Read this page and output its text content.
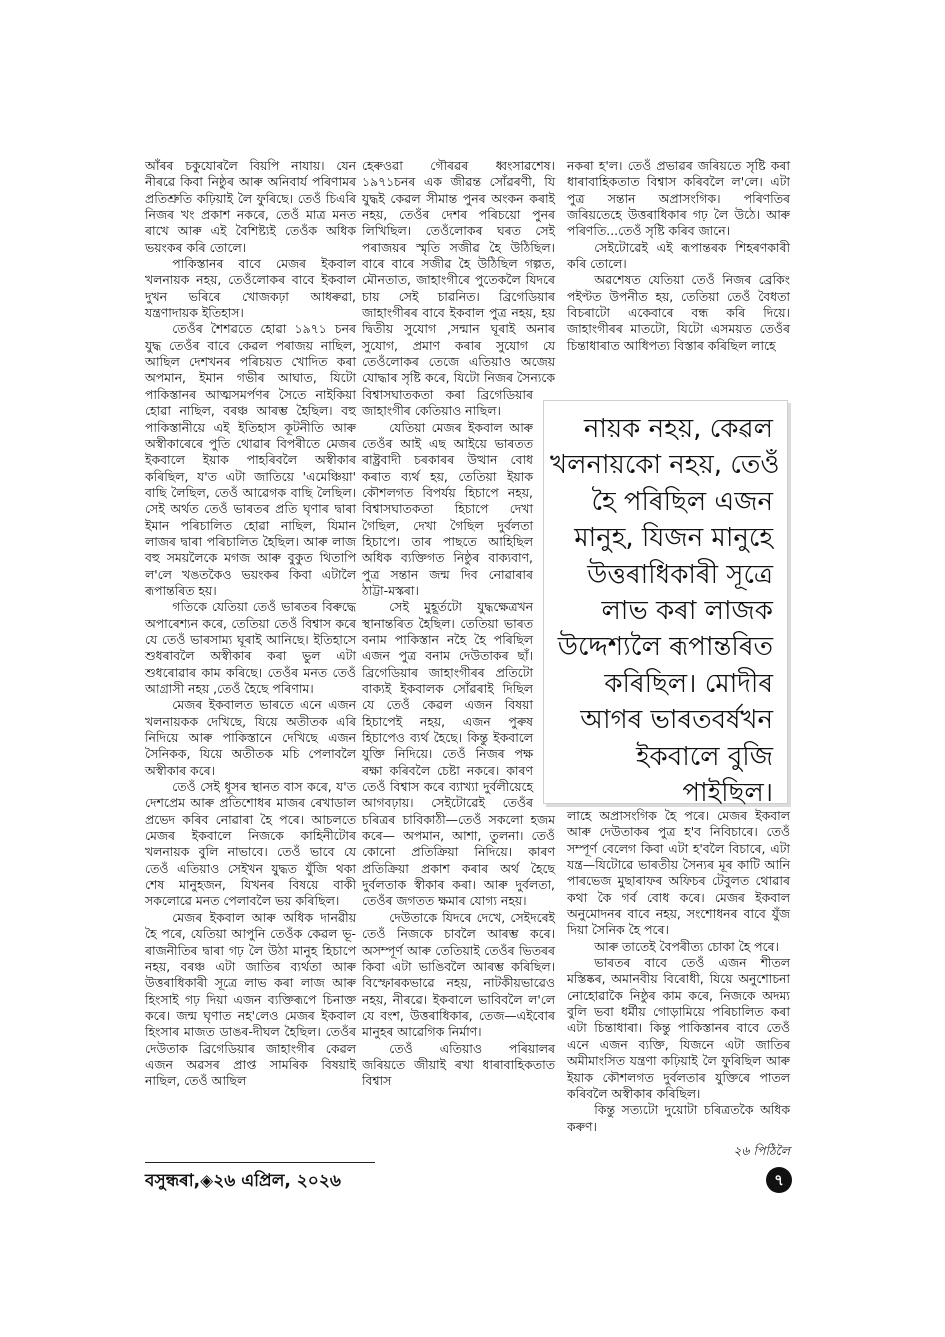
আঁৰৰ চকুযোৰলৈ বিয়পি নাযায়। যেন নীৰৱে কিবা নিষ্ঠুৰ আৰু অনিবাৰ্য পৰিণামৰ প্ৰতিশ্ৰুতি কঢ়িয়াই লৈ ফুৰিছে। তেওঁ চিএৰি নিজৰ খং প্ৰকাশ নকৰে, তেওঁ মাত্ৰ মনত ৰাখে আৰু এই বৈশিষ্ট্যই তেওঁক অধিক ভয়ংকৰ কৰি তোলে।

পাকিস্তানৰ বাবে মেজৰ ইকবাল খলনায়ক নহয়, তেওঁলোকৰ বাবে ইকবাল দুখন ভৰিৰে খোজকঢ়া আধৰুৱা, যন্ত্ৰণাদায়ক ইতিহাস।

তেওঁৰ শৈশৱতে হোৱা ১৯৭১ চনৰ যুদ্ধ তেওঁৰ বাবে কেৱল পৰাজয় নাছিল, আছিল দেশখনৰ পৰিচয়ত খোদিত কৰা অপমান, ইমান গভীৰ আঘাত, যিটো পাকিস্তানৰ আত্মসমৰ্পণৰ সৈতে নাইকিয়া হোৱা নাছিল, বৰঞ্চ আৰম্ভ হৈছিল। বহু পাকিস্তানীয়ে এই ইতিহাস কূটনীতি আৰু অস্বীকাৰেৰে পুতি থোৱাৰ বিপৰীতে মেজৰ ইকবালে ইয়াক পাহৰিবলৈ অস্বীকাৰ কৰিছিল, য'ত এটা জাতিয়ে 'এমেঞ্চিয়া' বাছি লৈছিল, তেওঁ আৱেগক বাছি লৈছিল। সেই অৰ্থত তেওঁ ভাৰতৰ প্ৰতি ঘৃণাৰ দ্বাৰা ইমান পৰিচালিত হোৱা নাছিল, যিমান লাজৰ দ্বাৰা পৰিচালিত হৈছিল। আৰু লাজ বহু সময়লৈকে মগজ আৰু বুকুত থিতাপি ল'লে খঙতকৈও ভয়ংকৰ কিবা এটালৈ ৰূপান্তৰিত হয়।

গতিকে যেতিয়া তেওঁ ভাৰতৰ বিৰুদ্ধে অপাৰেশ্যন কৰে, তেতিয়া তেওঁ বিশ্বাস কৰে যে তেওঁ ভাৰসাম্য ঘূৰাই আনিছে। ইতিহাসে শুধৰাবলৈ অস্বীকাৰ কৰা ভুল এটা শুধৰোৱাৰ কাম কৰিছে। তেওঁৰ মনত তেওঁ আগ্ৰাসী নহয় ,তেওঁ হৈছে পৰিণাম।

মেজৰ ইকবালত ভাৰতে এনে এজন খলনায়কক দেখিছে, যিয়ে অতীতক এৰি নিদিয়ে আৰু পাকিস্তানে দেখিছে এজন সৈনিকক, যিয়ে অতীতক মচি পেলাবলৈ অস্বীকাৰ কৰে।

তেওঁ সেই ধূসৰ স্থানত বাস কৰে, য'ত দেশপ্ৰেম আৰু প্ৰতিশোধৰ মাজৰ ৰেখাডাল প্ৰভেদ কৰিব নোৱাৰা হৈ পৰে। আচলতে মেজৰ ইকবালে নিজকে কাহিনীটোৰ খলনায়ক বুলি নাভাবে। তেওঁ ভাবে যে তেওঁ এতিয়াও সেইখন যুদ্ধত যুঁজি থকা শেষ মানুহজন, যিখনৰ বিষয়ে বাকী সকলোৱে মনত পেলাবলৈ ভয় কৰিছিল।

মেজৰ ইকবাল আৰু অধিক দানৱীয় হৈ পৰে, যেতিয়া আপুনি তেওঁক কেৱল ভূ-ৰাজনীতিৰ দ্বাৰা গঢ় লৈ উঠা মানুহ হিচাপে নহয়, বৰঞ্চ এটা জাতিৰ ব্যৰ্থতা আৰু উত্তৰাধিকাৰী সূত্ৰে লাভ কৰা লাজ আৰু হিংসাই গঢ় দিয়া এজন ব্যক্তিৰূপে চিনাক্ত কৰে। জন্ম ঘৃণাত নহ'লেও মেজৰ ইকবাল হিংসাৰ মাজত ডাঙৰ-দীঘল হৈছিল। তেওঁৰ দেউতাক ব্ৰিগেডিয়াৰ জাহাংগীৰ কেৱল এজন অৱসৰ প্ৰাপ্ত সামৰিক বিষয়াই নাছিল, তেওঁ আছিল

হেৰুওৱা গৌৰৱৰ ধ্বংসাৱশেষ। ১৯৭১চনৰ এক জীৱন্ত সোঁৱৰণী, যি যুদ্ধই কেৱল সীমান্ত পুনৰ অংকন কৰাই নহয়, তেওঁৰ দেশৰ পৰিচয়ো পুনৰ লিখিছিল। তেওঁলোকৰ ঘৰত সেই পৰাজয়ৰ স্মৃতি সজীৱ হৈ উঠিছিল। বাৰে বাৰে সজীৱ হৈ উঠিছিল গল্পত, মৌনতাত, জাহাংগীৰে পুতেকলৈ যিদৰে চায় সেই চাৱনিত। ব্ৰিগেডিয়াৰ জাহাংগীৰৰ বাবে ইকবাল পুত্ৰ নহয়, হয় দ্বিতীয় সুযোগ ,সন্মান ঘূৰাই অনাৰ সুযোগ, প্ৰমাণ কৰাৰ সুযোগ যে তেওঁলোকৰ তেজে এতিয়াও অজেয় যোদ্ধাৰ সৃষ্টি কৰে, যিটো নিজৰ সৈন্যকে বিশ্বাসঘাতকতা কৰা ব্ৰিগেডিয়াৰ জাহাংগীৰ কেতিয়াও নাছিল।

যেতিয়া মেজৰ ইকবাল আৰু তেওঁৰ আই এছ আইয়ে ভাৰতত ৰাষ্ট্ৰবাদী চৰকাৰৰ উত্থান বোধ কৰাত ব্যৰ্থ হয়, তেতিয়া ইয়াক কৌশলগত বিপৰ্যয় হিচাপে নহয়, বিশ্বাসঘাতকতা হিচাপে দেখা গৈছিল, দেখা গৈছিল দুৰ্বলতা হিচাপে। তাৰ পাছতে আহিছিল অধিক ব্যক্তিগত নিষ্ঠুৰ বাক্যবাণ, পুত্ৰ সন্তান জন্ম দিব নোৱাৰাৰ ঠাট্টা-মস্কৰা।

সেই মুহূৰ্তটো যুদ্ধক্ষেত্ৰখন স্থানান্তৰিত হৈছিল। তেতিয়া ভাৰত বনাম পাকিস্তান নহৈ হৈ পৰিছিল এজন পুত্ৰ বনাম দেউতাকৰ ছাঁ। ব্ৰিগেডিয়াৰ জাহাংগীৰৰ প্ৰতিটো বাক্যই ইকবালক সোঁৱৰাই দিছিল যে তেওঁ কেৱল এজন বিষয়া হিচাপেই নহয়, এজন পুৰুষ হিচাপেও ব্যৰ্থ হৈছে। কিন্তু ইকবালে যুক্তি নিদিয়ে। তেওঁ নিজৰ পক্ষ ৰক্ষা কৰিবলৈ চেষ্টা নকৰে। কাৰণ তেওঁ বিশ্বাস কৰে ব্যাখ্যা দুৰ্বলীয়েহে আগবঢ়ায়। সেইটোৱেই তেওঁৰ চৰিত্ৰৰ চাবিকাঠী—তেওঁ সকলো হজম কৰে— অপমান, আশা, তুলনা। তেওঁ কোনো প্ৰতিক্ৰিয়া নিদিয়ে। কাৰণ প্ৰতিক্ৰিয়া প্ৰকাশ কৰাৰ অৰ্থ হৈছে দুৰ্বলতাক স্বীকাৰ কৰা। আৰু দুৰ্বলতা, তেওঁৰ জগতত ক্ষমাৰ যোগ্য নহয়।

দেউতাকে যিদৰে দেখে, সেইদৰেই তেওঁ নিজকে চাবলৈ আৰম্ভ কৰে। অসম্পূৰ্ণ আৰু তেতিয়াই তেওঁৰ ভিতৰৰ কিবা এটা ভাঙিবলৈ আৰম্ভ কৰিছিল। বিস্ফোৰকভাৱে নহয়, নাটকীয়ভাৱেও নহয়, নীৰৱে। ইকবালে ভাবিবলৈ ল'লে যে বংশ, উত্তৰাধিকাৰ, তেজ—এইবোৰ মানুহৰ আৱেগিক নিৰ্মাণ।

তেওঁ এতিয়াও পৰিয়ালৰ জৰিয়তে জীয়াই ৰখা ধাৰাবাহিকতাত বিশ্বাস

নকৰা হ'ল। তেওঁ প্ৰভাৱৰ জৰিয়তে সৃষ্টি কৰা ধাৰাবাহিকতাত বিশ্বাস কৰিবলৈ ল'লে। এটা পুত্ৰ সন্তান অপ্ৰাসংগিক। পৰিণতিৰ জৰিয়তেহে উত্তৰাধিকাৰ গঢ় লৈ উঠে। আৰু পৰিণতি...তেওঁ সৃষ্টি কৰিব জানে।

সেইটোৱেই এই ৰূপান্তৰক শিহৰণকাৰী কৰি তোলে।

অৱশেষত যেতিয়া তেওঁ নিজৰ ব্ৰেকিং পইণ্টত উপনীত হয়, তেতিয়া তেওঁ বৈধতা বিচৰাটো একেবাৰে বন্ধ কৰি দিয়ে। জাহাংগীৰৰ মাতটো, যিটো এসময়ত তেওঁৰ চিন্তাধাৰাত আধিপত্য বিস্তাৰ কৰিছিল লাহে

নায়ক নহয়, কেৱল
খলনায়কো নহয়, তেওঁ
হৈ পৰিছিল এজন
মানুহ, যিজন মানুহে
উত্তৰাধিকাৰী সূত্ৰে
লাভ কৰা লাজক
উদ্দেশ্যলৈ ৰূপান্তৰিত
কৰিছিল। মোদীৰ
আগৰ ভাৰতবৰ্ষখন
ইকবালে বুজি
পাইছিল।

লাহে অপ্ৰাসংগিক হৈ পৰে। মেজৰ ইকবাল আৰু দেউতাকৰ পুত্ৰ হ'ব নিবিচাৰে। তেওঁ সম্পূৰ্ণ বেলেগ কিবা এটা হ'বলৈ বিচাৰে, এটা যন্ত্ৰ—যিটোৱে ভাৰতীয় সৈন্যৰ মূৰ কাটি আনি পাৰভেজ মুছাৰাফৰ অফিচৰ টেবুলত থোৱাৰ কথা কৈ গৰ্ব বোধ কৰে। মেজৰ ইকবাল অনুমোদনৰ বাবে নহয়, সংশোধনৰ বাবে যুঁজ দিয়া সৈনিক হৈ পৰে।

আৰু তাতেই বৈপৰীত্য চোকা হৈ পৰে।

ভাৰতৰ বাবে তেওঁ এজন শীতল মস্তিষ্কৰ, অমানবীয় বিৰোধী, যিয়ে অনুশোচনা নোহোৱাকৈ নিষ্ঠুৰ কাম কৰে, নিজকে অদম্য বুলি ভবা ধৰ্মীয় গোড়ামিয়ে পৰিচালিত কৰা এটা চিন্তাধাৰা। কিন্তু পাকিস্তানৰ বাবে তেওঁ এনে এজন ব্যক্তি, যিজনে এটা জাতিৰ অমীমাংসিত যন্ত্ৰণা কঢ়িয়াই লৈ ফুৰিছিল আৰু ইয়াক কৌশলগত দুৰ্বলতাৰ যুক্তিৰে পাতল কৰিবলৈ অস্বীকাৰ কৰিছিল।

কিন্তু সত্যটো দুয়োটা চৰিত্ৰতকৈ অধিক কৰুণ।

২৬ পিঠিলৈ
বসুন্ধৰা,◈২৬ এপ্ৰিল, ২০২৬	৭
